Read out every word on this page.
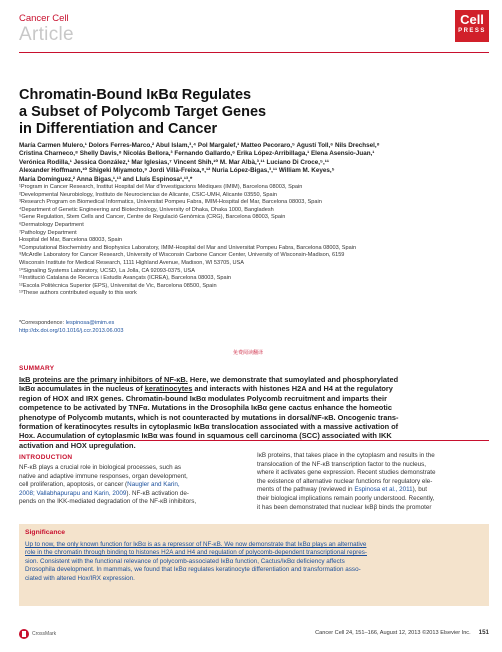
Cancer Cell
Article
Cell
PRESS
Chromatin-Bound IκBα Regulates
a Subset of Polycomb Target Genes
in Differentiation and Cancer
María Carmen Mulero,¹ Dolors Ferres-Marco,² Abul Islam,³,⁴ Pol Margalef,¹ Matteo Pecoraro,⁵ Agustí Toll,⁶ Nils Drechsel,⁸
Cristina Charneco,⁸ Shelly Davis,⁸ Nicolás Bellora,³ Fernando Gallardo,⁶ Erika López-Arribillaga,¹ Elena Asensio-Juan,¹
Verónica Rodilla,¹ Jessica González,¹ Mar Iglesias,⁷ Vincent Shih,¹⁰ M. Mar Albà,³,¹¹ Luciano Di Croce,⁵,¹¹
Alexander Hoffmann,¹⁰ Shigeki Miyamoto,⁹ Jordi Villà-Freixa,⁸,¹² Nuria López-Bigas,³,¹¹ William M. Keyes,⁵
María Domínguez,² Anna Bigas,¹,¹³ and Lluís Espinosa¹,¹³,*
¹Program in Cancer Research, Institut Hospital del Mar d'Investigacions Mèdiques (IMIM), Barcelona 08003, Spain
²Developmental Neurobiology, Instituto de Neurociencias de Alicante, CSIC-UMH, Alicante 03550, Spain
³Research Program on Biomedical Informatics, Universitat Pompeu Fabra, IMIM-Hospital del Mar, Barcelona 08003, Spain
⁴Department of Genetic Engineering and Biotechnology, University of Dhaka, Dhaka 1000, Bangladesh
⁵Gene Regulation, Stem Cells and Cancer, Centre de Regulació Genòmica (CRG), Barcelona 08003, Spain
⁶Dermatology Department
⁷Pathology Department
Hospital del Mar, Barcelona 08003, Spain
⁸Computational Biochemistry and Biophysics Laboratory, IMIM-Hospital del Mar and Universitat Pompeu Fabra, Barcelona 08003, Spain
⁹McArdle Laboratory for Cancer Research, University of Wisconsin Carbone Cancer Center, University of Wisconsin-Madison, 6159
Wisconsin Institute for Medical Research, 1111 Highland Avenue, Madison, WI 53705, USA
¹⁰Signaling Systems Laboratory, UCSD, La Jolla, CA 92093-0375, USA
¹¹Institució Catalana de Recerca i Estudis Avançats (ICREA), Barcelona 08003, Spain
¹²Escola Politècnica Superior (EPS), Universitat de Vic, Barcelona 08500, Spain
¹³These authors contributed equally to this work
*Correspondence: lespinosa@imim.es
http://dx.doi.org/10.1016/j.ccr.2013.06.003
免费阅读翻译
SUMMARY
IκB proteins are the primary inhibitors of NF-κB. Here, we demonstrate that sumoylated and phosphorylated
IκBα accumulates in the nucleus of keratinocytes and interacts with histones H2A and H4 at the regulatory
region of HOX and IRX genes. Chromatin-bound IκBα modulates Polycomb recruitment and imparts their
competence to be activated by TNFα. Mutations in the Drosophila IκBα gene cactus enhance the homeotic
phenotype of Polycomb mutants, which is not counteracted by mutations in dorsal/NF-κB. Oncogenic trans-
formation of keratinocytes results in cytoplasmic IκBα translocation associated with a massive activation of
Hox. Accumulation of cytoplasmic IκBα was found in squamous cell carcinoma (SCC) associated with IKK
activation and HOX upregulation.
INTRODUCTION
NF-κB plays a crucial role in biological processes, such as
native and adaptive immune responses, organ development,
cell proliferation, apoptosis, or cancer (Naugler and Karin,
2008; Vallabhapurapu and Karin, 2009). NF-κB activation de-
pends on the IKK-mediated degradation of the NF-κB inhibitors,
IκB proteins, that takes place in the cytoplasm and results in the
translocation of the NF-κB transcription factor to the nucleus,
where it activates gene expression. Recent studies demonstrate
the existence of alternative nuclear functions for regulatory ele-
ments of the pathway (reviewed in Espinosa et al., 2011), but
their biological implications remain poorly understood. Recently,
it has been demonstrated that nuclear IκBβ binds the promoter
Significance
Up to now, the only known function for IκBα is as a repressor of NF-κB. We now demonstrate that IκBα plays an alternative
role in the chromatin through binding to histones H2A and H4 and regulation of polycomb-dependent transcriptional repres-
sion. Consistent with the functional relevance of polycomb-associated IκBα function, Cactus/IκBα deficiency affects
Drosophila development. In mammals, we found that IκBα regulates keratinocyte differentiation and transformation asso-
ciated with altered Hox/IRX expression.
CrossMark	Cancer Cell 24, 151–166, August 12, 2013 ©2013 Elsevier Inc. 151
